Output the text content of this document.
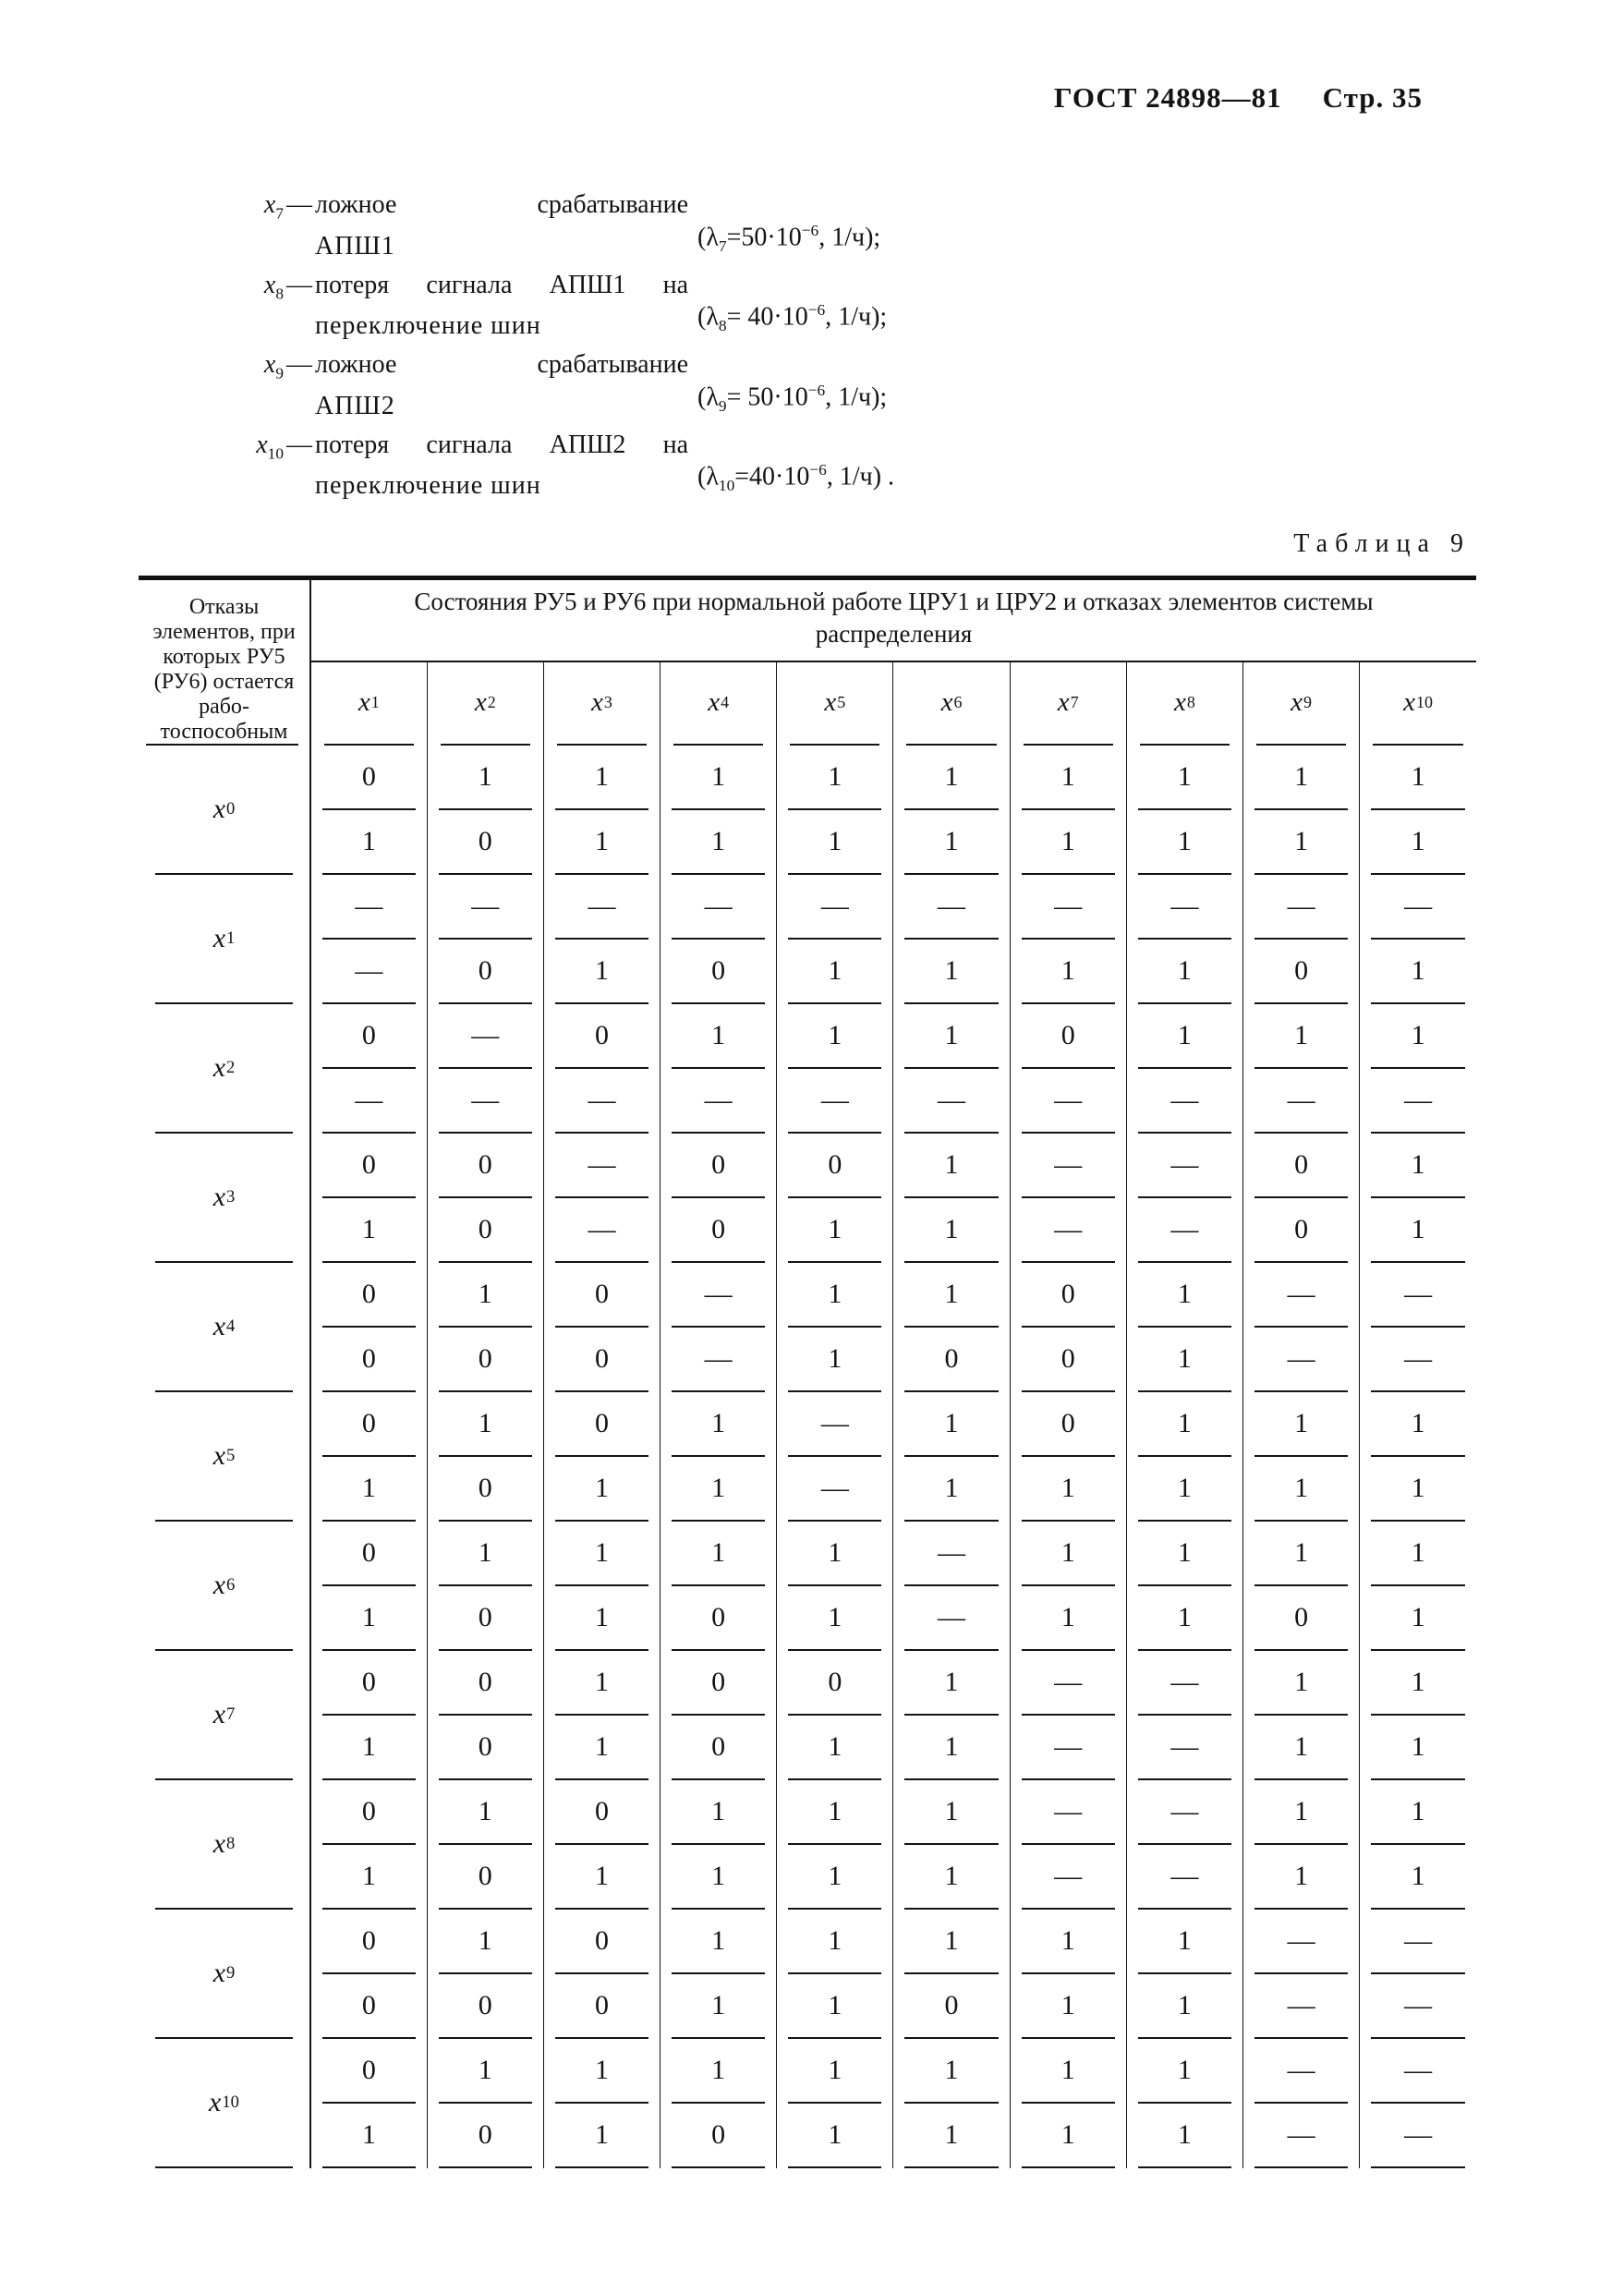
ГОСТ 24898—81 Стр. 35
$x_7$ — ложное срабатывание
АПШ1	($\lambda_7=50\cdot 10^{-6}$, 1/ч);
$x_8$ — потеря сигнала АПШ1 на
переключение шин	($\lambda_8= 40\cdot 10^{-6}$, 1/ч);
$x_9$ — ложное срабатывание
АПШ2	($\lambda_9= 50\cdot 10^{-6}$, 1/ч);
$x_{10}$ — потеря сигнала АПШ2 на
переключение шин	($\lambda_{10}=40\cdot 10^{-6}$, 1/ч) .
Таблица 9
Отказы элементов, при которых РУ5 (РУ6) остается работоспособным	Состояния РУ5 и РУ6 при нормальной работе ЦРУ1 и ЦРУ2 и отказах элементов системы распределения									

	x 1	x 2	x 3	x 4	x 5	x 6	x 7	x 8	x 9	x 10

x 0	0	1	1	1	1	1	1	1	1	1

1	0	1	1	1	1	1	1	1	1

x 1	—	—	—	—	—	—	—	—	—	—

—	0	1	0	1	1	1	1	0	1

x 2	0	—	0	1	1	1	0	1	1	1

—	—	—	—	—	—	—	—	—	—

x 3	0	0	—	0	0	1	—	—	0	1

1	0	—	0	1	1	—	—	0	1

x 4	0	1	0	—	1	1	0	1	—	—

0	0	0	—	1	0	0	1	—	—

x 5	0	1	0	1	—	1	0	1	1	1

1	0	1	1	—	1	1	1	1	1

x 6	0	1	1	1	1	—	1	1	1	1

1	0	1	0	1	—	1	1	0	1

x 7	0	0	1	0	0	1	—	—	1	1

1	0	1	0	1	1	—	—	1	1

x 8	0	1	0	1	1	1	—	—	1	1

1	0	1	1	1	1	—	—	1	1

x 9	0	1	0	1	1	1	1	1	—	—

0	0	0	1	1	0	1	1	—	—

x 10	0	1	1	1	1	1	1	1	—	—

1	0	1	0	1	1	1	1	—	—
